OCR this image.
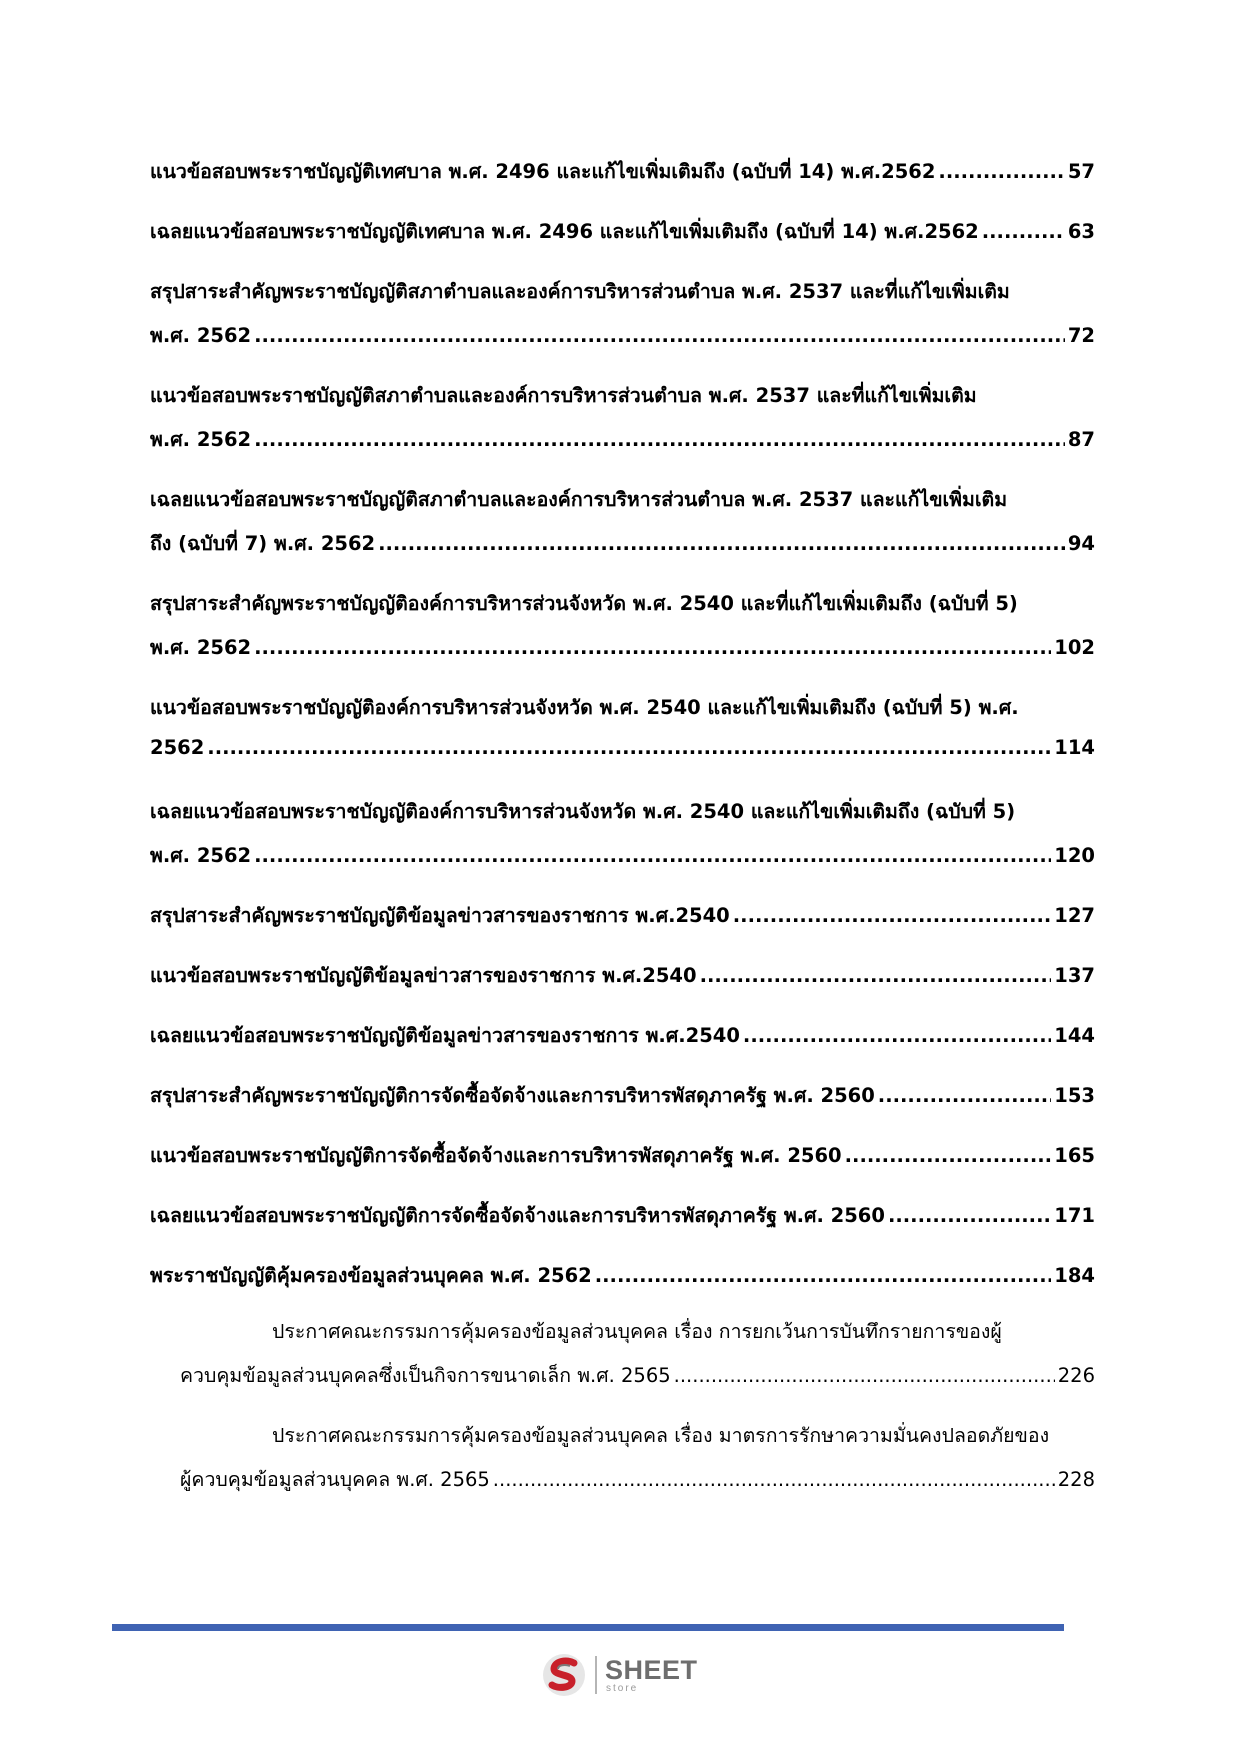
แนวข้อสอบพระราชบัญญัติเทศบาล พ.ศ. 2496 และแก้ไขเพิ่มเติมถึง (ฉบับที่ 14) พ.ศ.2562 .....	57
เฉลยแนวข้อสอบพระราชบัญญัติเทศบาล พ.ศ. 2496 และแก้ไขเพิ่มเติมถึง (ฉบับที่ 14) พ.ศ.2562 .....	63
สรุปสาระสำคัญพระราชบัญญัติสภาตำบลและองค์การบริหารส่วนตำบล พ.ศ. 2537 และที่แก้ไขเพิ่มเติม
พ.ศ. 2562 .....	72
แนวข้อสอบพระราชบัญญัติสภาตำบลและองค์การบริหารส่วนตำบล พ.ศ. 2537 และที่แก้ไขเพิ่มเติม
พ.ศ. 2562 .....	87
เฉลยแนวข้อสอบพระราชบัญญัติสภาตำบลและองค์การบริหารส่วนตำบล พ.ศ. 2537 และแก้ไขเพิ่มเติม
ถึง (ฉบับที่ 7) พ.ศ. 2562 .....	94
สรุปสาระสำคัญพระราชบัญญัติองค์การบริหารส่วนจังหวัด พ.ศ. 2540 และที่แก้ไขเพิ่มเติมถึง (ฉบับที่ 5)
พ.ศ. 2562 .....	102
แนวข้อสอบพระราชบัญญัติองค์การบริหารส่วนจังหวัด พ.ศ. 2540 และแก้ไขเพิ่มเติมถึง (ฉบับที่ 5) พ.ศ.
2562 .....	114
เฉลยแนวข้อสอบพระราชบัญญัติองค์การบริหารส่วนจังหวัด พ.ศ. 2540 และแก้ไขเพิ่มเติมถึง (ฉบับที่ 5)
พ.ศ. 2562 .....	120
สรุปสาระสำคัญพระราชบัญญัติข้อมูลข่าวสารของราชการ พ.ศ.2540 .....	127
แนวข้อสอบพระราชบัญญัติข้อมูลข่าวสารของราชการ พ.ศ.2540 .....	137
เฉลยแนวข้อสอบพระราชบัญญัติข้อมูลข่าวสารของราชการ พ.ศ.2540 .....	144
สรุปสาระสำคัญพระราชบัญญัติการจัดซื้อจัดจ้างและการบริหารพัสดุภาครัฐ พ.ศ. 2560 .....	153
แนวข้อสอบพระราชบัญญัติการจัดซื้อจัดจ้างและการบริหารพัสดุภาครัฐ พ.ศ. 2560 .....	165
เฉลยแนวข้อสอบพระราชบัญญัติการจัดซื้อจัดจ้างและการบริหารพัสดุภาครัฐ พ.ศ. 2560 .....	171
พระราชบัญญัติคุ้มครองข้อมูลส่วนบุคคล พ.ศ. 2562 .....	184
ประกาศคณะกรรมการคุ้มครองข้อมูลส่วนบุคคล เรื่อง การยกเว้นการบันทึกรายการของผู้
ควบคุมข้อมูลส่วนบุคคลซึ่งเป็นกิจการขนาดเล็ก พ.ศ. 2565 .....	226
ประกาศคณะกรรมการคุ้มครองข้อมูลส่วนบุคคล เรื่อง มาตรการรักษาความมั่นคงปลอดภัยของ
ผู้ควบคุมข้อมูลส่วนบุคคล พ.ศ. 2565 .....	228
SHEET
store
